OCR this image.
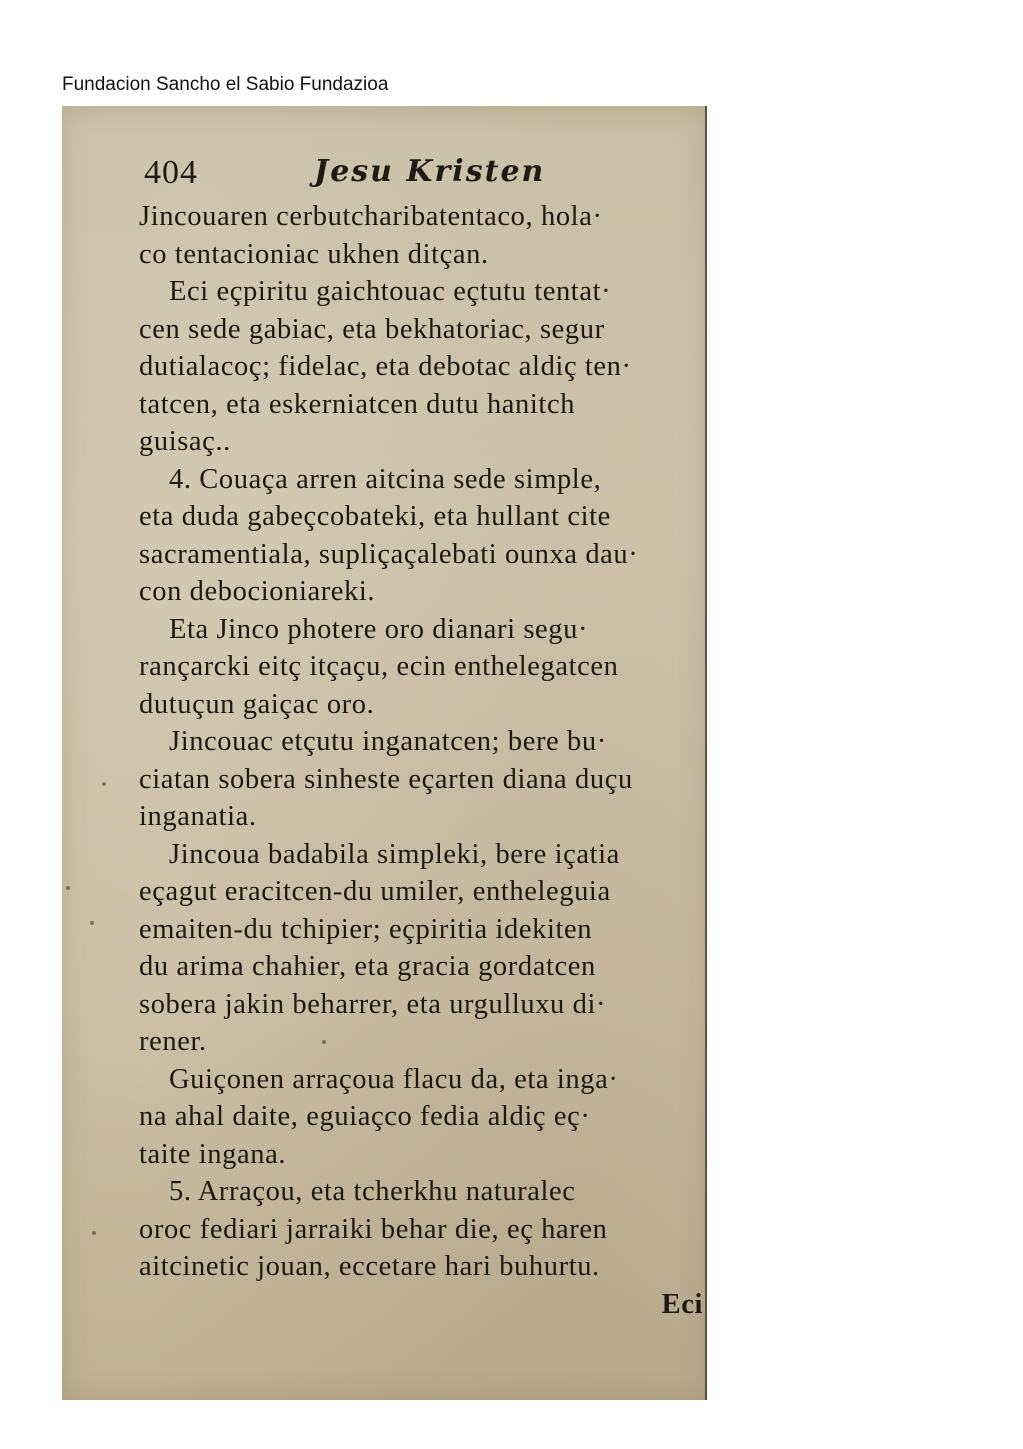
Fundacion Sancho el Sabio Fundazioa
404	Jesu Kristen
Jincouaren cerbutcharibatentaco, hola·
co tentacioniac ukhen ditçan.
Eci eçpiritu gaichtouac eçtutu tentat·
cen sede gabiac, eta bekhatoriac, segur
dutialacoç; fidelac, eta debotac aldiç ten·
tatcen, eta eskerniatcen dutu hanitch
guisaç..
4. Couaça arren aitcina sede simple,
eta duda gabeçcobateki, eta hullant cite
sacramentiala, supliçaçalebati ounxa dau·
con debocioniareki.
Eta Jinco photere oro dianari segu·
rançarcki eitç itçaçu, ecin enthelegatcen
dutuçun gaiçac oro.
Jincouac etçutu inganatcen; bere bu·
ciatan sobera sinheste eçarten diana duçu
inganatia.
Jincoua badabila simpleki, bere içatia
eçagut eracitcen-du umiler, entheleguia
emaiten-du tchipier; eçpiritia idekiten
du arima chahier, eta gracia gordatcen
sobera jakin beharrer, eta urgulluxu di·
rener.
Guiçonen arraçoua flacu da, eta inga·
na ahal daite, eguiaçco fedia aldiç eç·
taite ingana.
5. Arraçou, eta tcherkhu naturalec
oroc fediari jarraiki behar die, eç haren
aitcinetic jouan, eccetare hari buhurtu.
Eci
